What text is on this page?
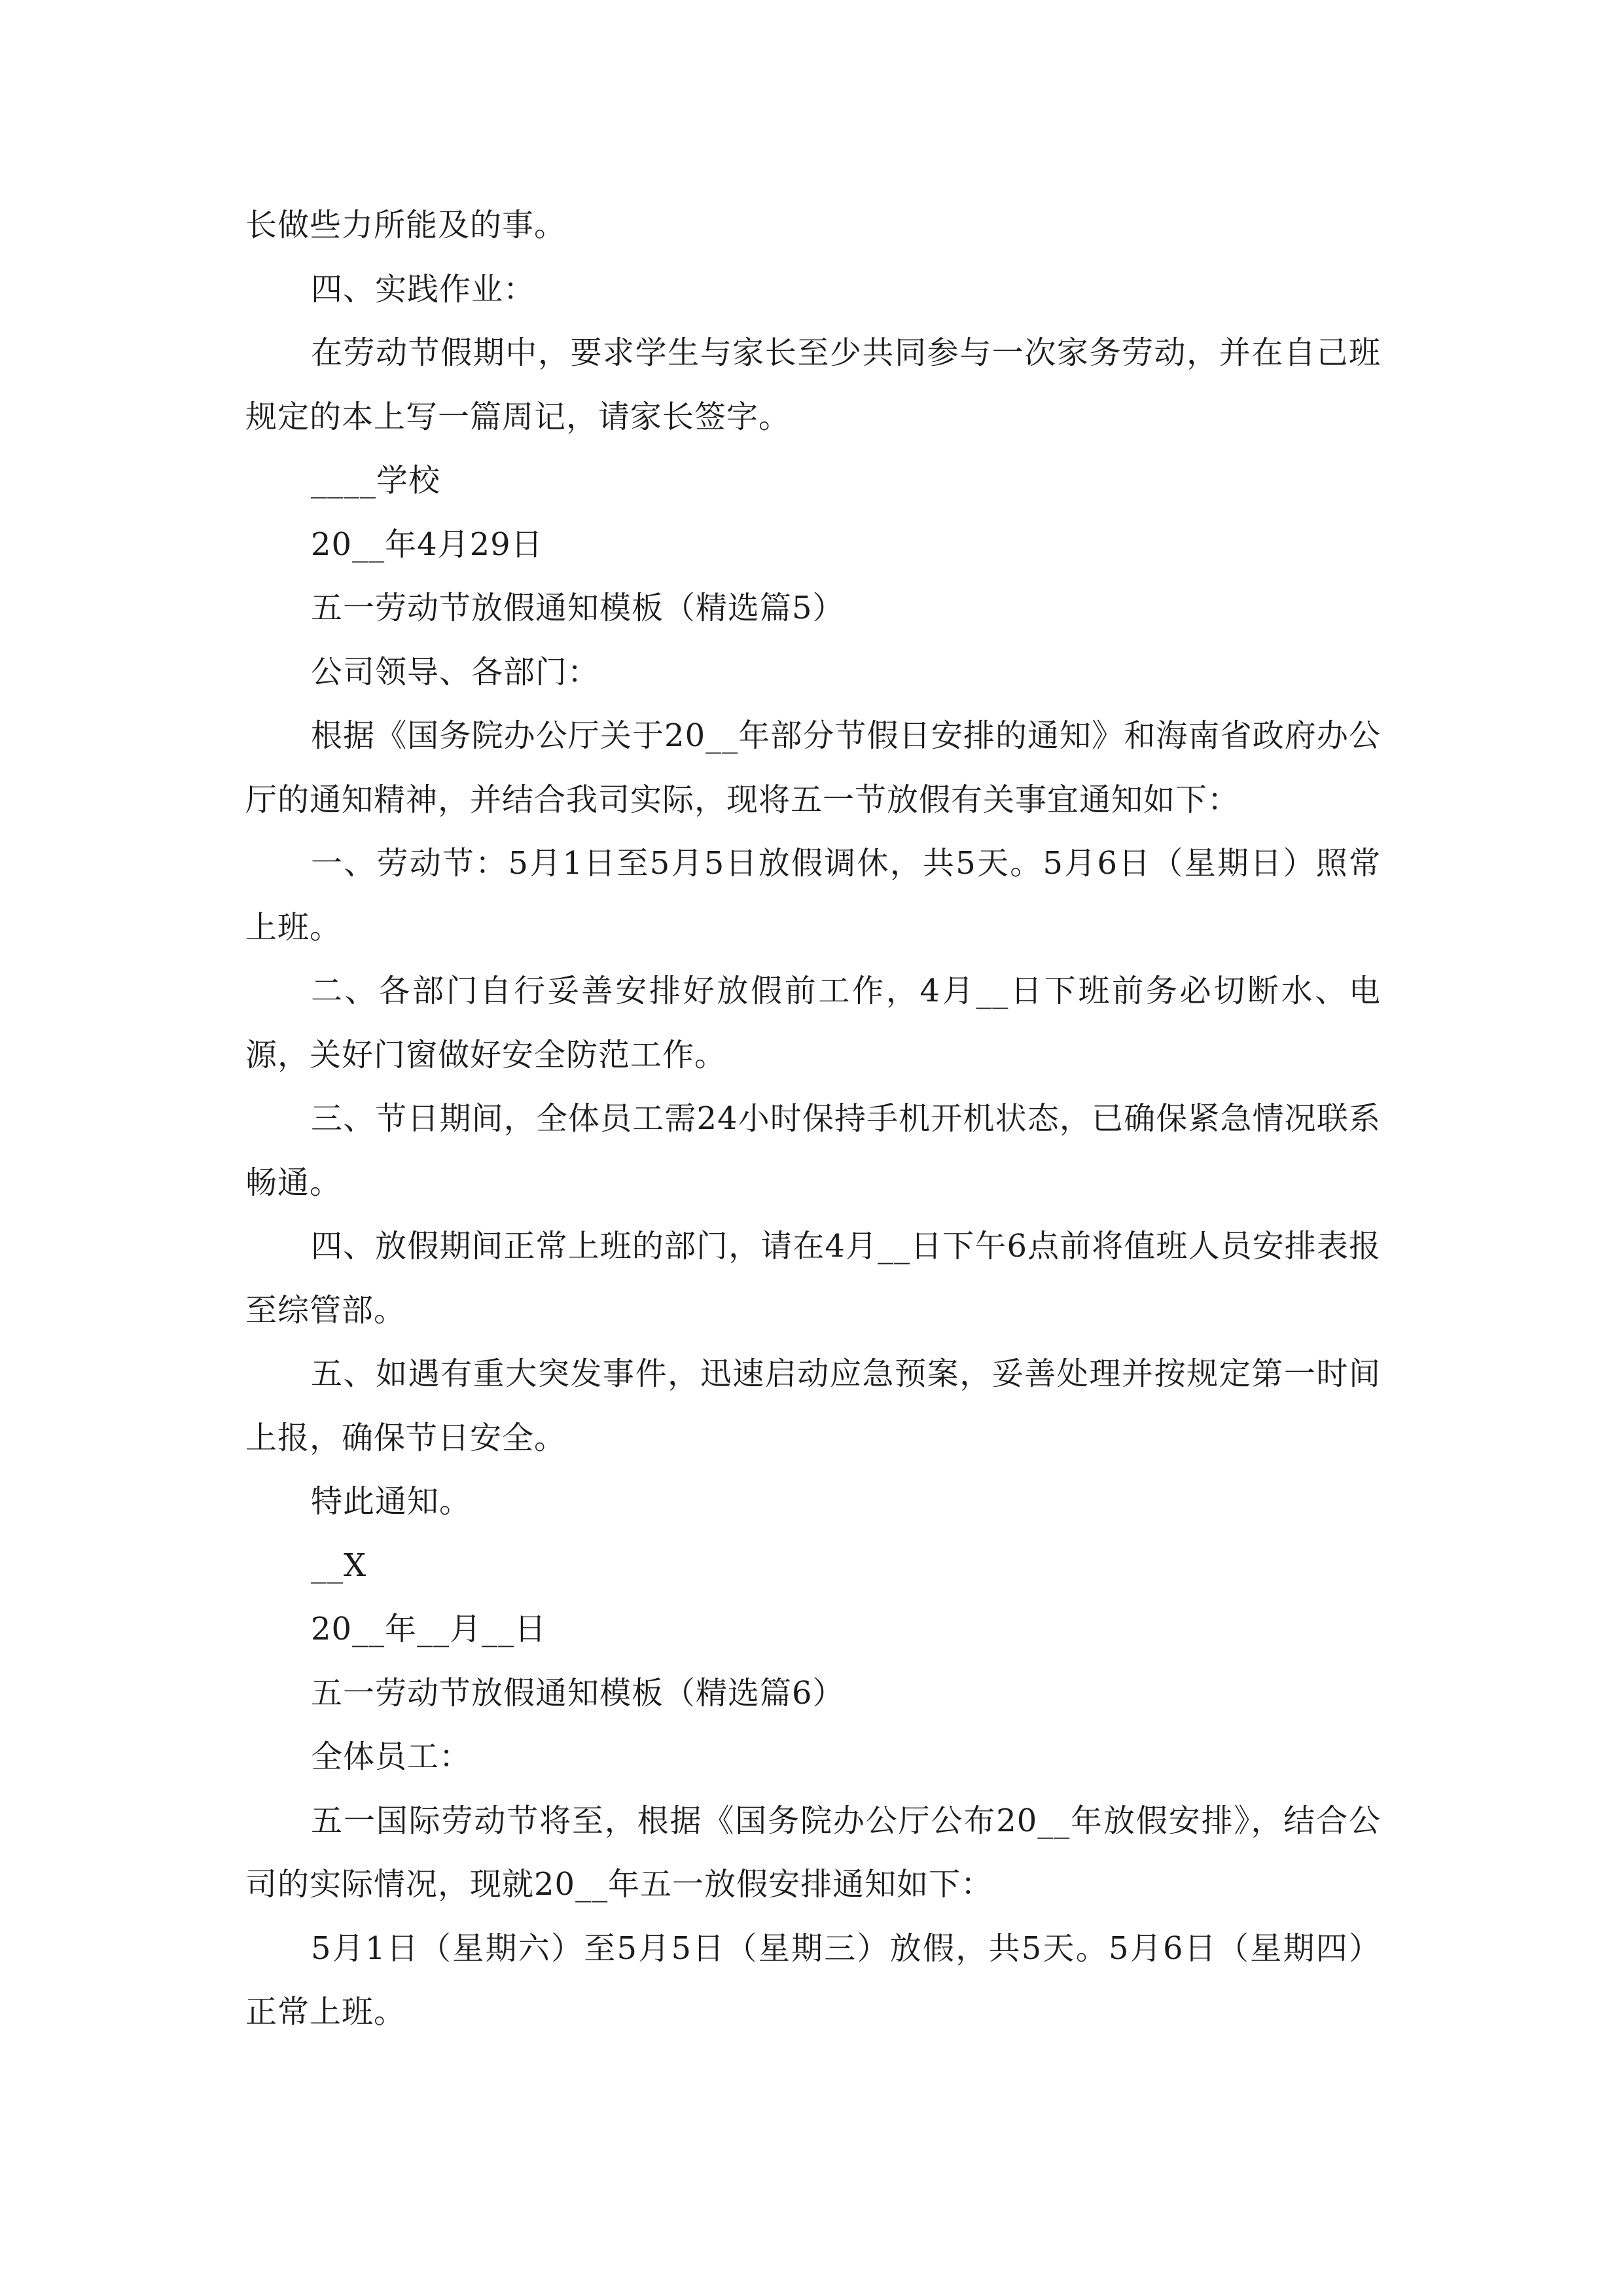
长做些力所能及的事。

四、实践作业：

在劳动节假期中，要求学生与家长至少共同参与一次家务劳动，并在自己班规定的本上写一篇周记，请家长签字。

____学校

20__年4月29日

五一劳动节放假通知模板（精选篇5）

公司领导、各部门：

根据《国务院办公厅关于20__年部分节假日安排的通知》和海南省政府办公厅的通知精神，并结合我司实际，现将五一节放假有关事宜通知如下：

一、劳动节：5月1日至5月5日放假调休，共5天。5月6日（星期日）照常上班。

二、各部门自行妥善安排好放假前工作，4月__日下班前务必切断水、电源，关好门窗做好安全防范工作。

三、节日期间，全体员工需24小时保持手机开机状态，已确保紧急情况联系畅通。

四、放假期间正常上班的部门，请在4月__日下午6点前将值班人员安排表报至综管部。

五、如遇有重大突发事件，迅速启动应急预案，妥善处理并按规定第一时间上报，确保节日安全。

特此通知。

__X

20__年__月__日

五一劳动节放假通知模板（精选篇6）

全体员工：

五一国际劳动节将至，根据《国务院办公厅公布20__年放假安排》，结合公司的实际情况，现就20__年五一放假安排通知如下：

5月1日（星期六）至5月5日（星期三）放假，共5天。5月6日（星期四）正常上班。
